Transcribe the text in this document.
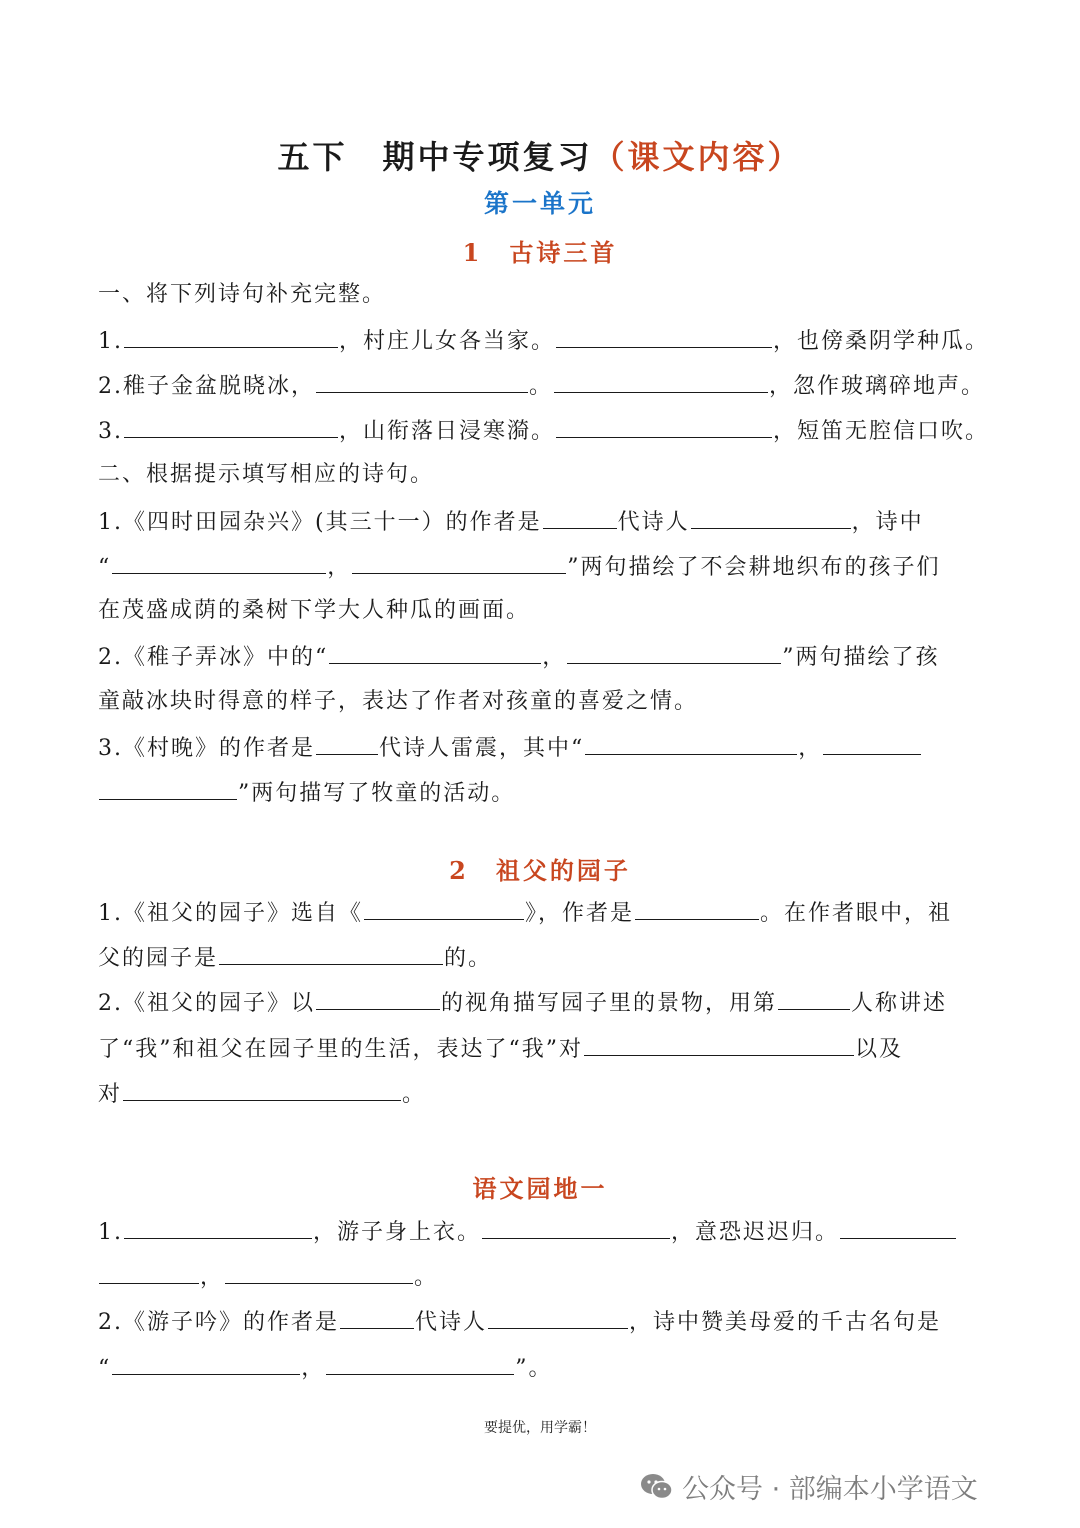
五下　期中专项复习（课文内容）
第一单元
1　古诗三首
一、将下列诗句补充完整。
1.	，村庄儿女各当家。	，也傍桑阴学种瓜。
2.稚子金盆脱晓冰，	。	，忽作玻璃碎地声。
3.	，山衔落日浸寒漪。	，短笛无腔信口吹。
二、根据提示填写相应的诗句。
1.《四时田园杂兴》(其三十一）的作者是	代诗人	，诗中
“	，	”两句描绘了不会耕地织布的孩子们
在茂盛成荫的桑树下学大人种瓜的画面。
2.《稚子弄冰》中的“	，	”两句描绘了孩
童敲冰块时得意的样子，表达了作者对孩童的喜爱之情。
3.《村晚》的作者是	代诗人雷震，其中“	，
”两句描写了牧童的活动。
2　祖父的园子
1.《祖父的园子》选自《	》，作者是	。在作者眼中，祖
父的园子是	的。
2.《祖父的园子》以	的视角描写园子里的景物，用第	人称讲述
了“我”和祖父在园子里的生活，表达了“我”对	以及
对	。
语文园地一
1.	，游子身上衣。	，意恐迟迟归。
，	。
2.《游子吟》的作者是	代诗人	，诗中赞美母爱的千古名句是
“	，	”。
要提优，用学霸！
公众号 · 部编本小学语文
